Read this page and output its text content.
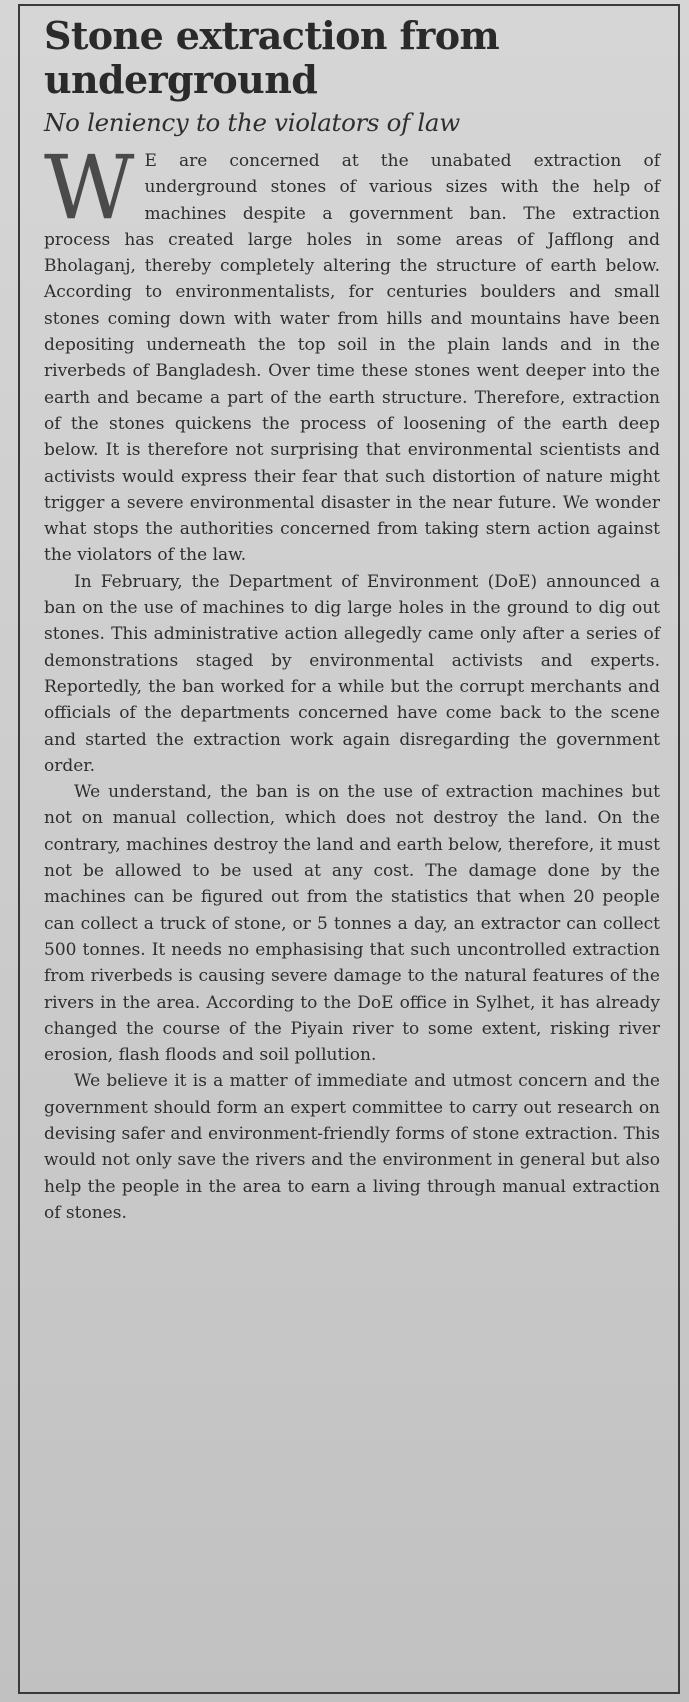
Stone extraction from underground
No leniency to the violators of law

W E are concerned at the unabated extraction of underground stones of various sizes with the help of machines despite a government ban. The extraction process has created large holes in some areas of Jafflong and Bholaganj, thereby completely altering the structure of earth below. According to environmentalists, for centuries boulders and small stones coming down with water from hills and mountains have been depositing underneath the top soil in the plain lands and in the riverbeds of Bangladesh. Over time these stones went deeper into the earth and became a part of the earth structure. Therefore, extraction of the stones quickens the process of loosening of the earth deep below. It is therefore not surprising that environmental scientists and activists would express their fear that such distortion of nature might trigger a severe environmental disaster in the near future. We wonder what stops the authorities concerned from taking stern action against the violators of the law.

In February, the Department of Environment (DoE) announced a ban on the use of machines to dig large holes in the ground to dig out stones. This administrative action allegedly came only after a series of demonstrations staged by environmental activists and experts. Reportedly, the ban worked for a while but the corrupt merchants and officials of the departments concerned have come back to the scene and started the extraction work again disregarding the government order.

We understand, the ban is on the use of extraction machines but not on manual collection, which does not destroy the land. On the contrary, machines destroy the land and earth below, therefore, it must not be allowed to be used at any cost. The damage done by the machines can be figured out from the statistics that when 20 people can collect a truck of stone, or 5 tonnes a day, an extractor can collect 500 tonnes. It needs no emphasising that such uncontrolled extraction from riverbeds is causing severe damage to the natural features of the rivers in the area. According to the DoE office in Sylhet, it has already changed the course of the Piyain river to some extent, risking river erosion, flash floods and soil pollution.

We believe it is a matter of immediate and utmost concern and the government should form an expert committee to carry out research on devising safer and environment-friendly forms of stone extraction. This would not only save the rivers and the environment in general but also help the people in the area to earn a living through manual extraction of stones.
